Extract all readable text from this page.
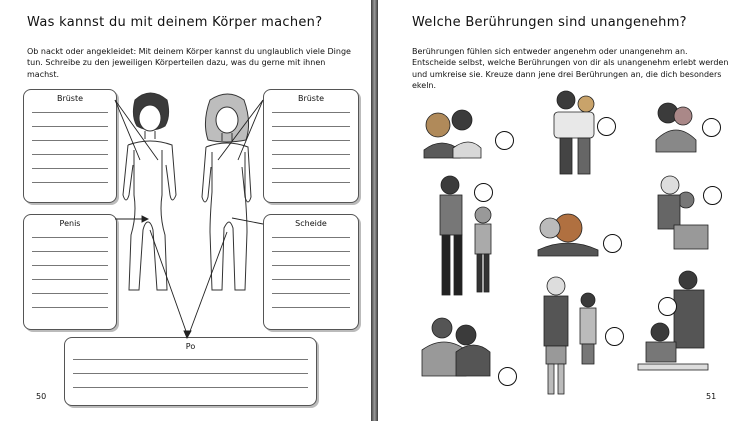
Was kannst du mit deinem Körper machen?

Ob nackt oder angekleidet: Mit deinem Körper kannst du unglaublich viele Dinge tun. Schreibe zu den jeweiligen Körperteilen dazu, was du gerne mit ihnen machst.

Brüste	Brüste
Penis	Scheide
Po
50
Welche Berührungen sind unangenehm?

Berührungen fühlen sich entweder angenehm oder unangenehm an. Entscheide selbst, welche Berührungen von dir als unangenehm erlebt werden und umkreise sie. Kreuze dann jene drei Berührungen an, die dich besonders ekeln.

51
